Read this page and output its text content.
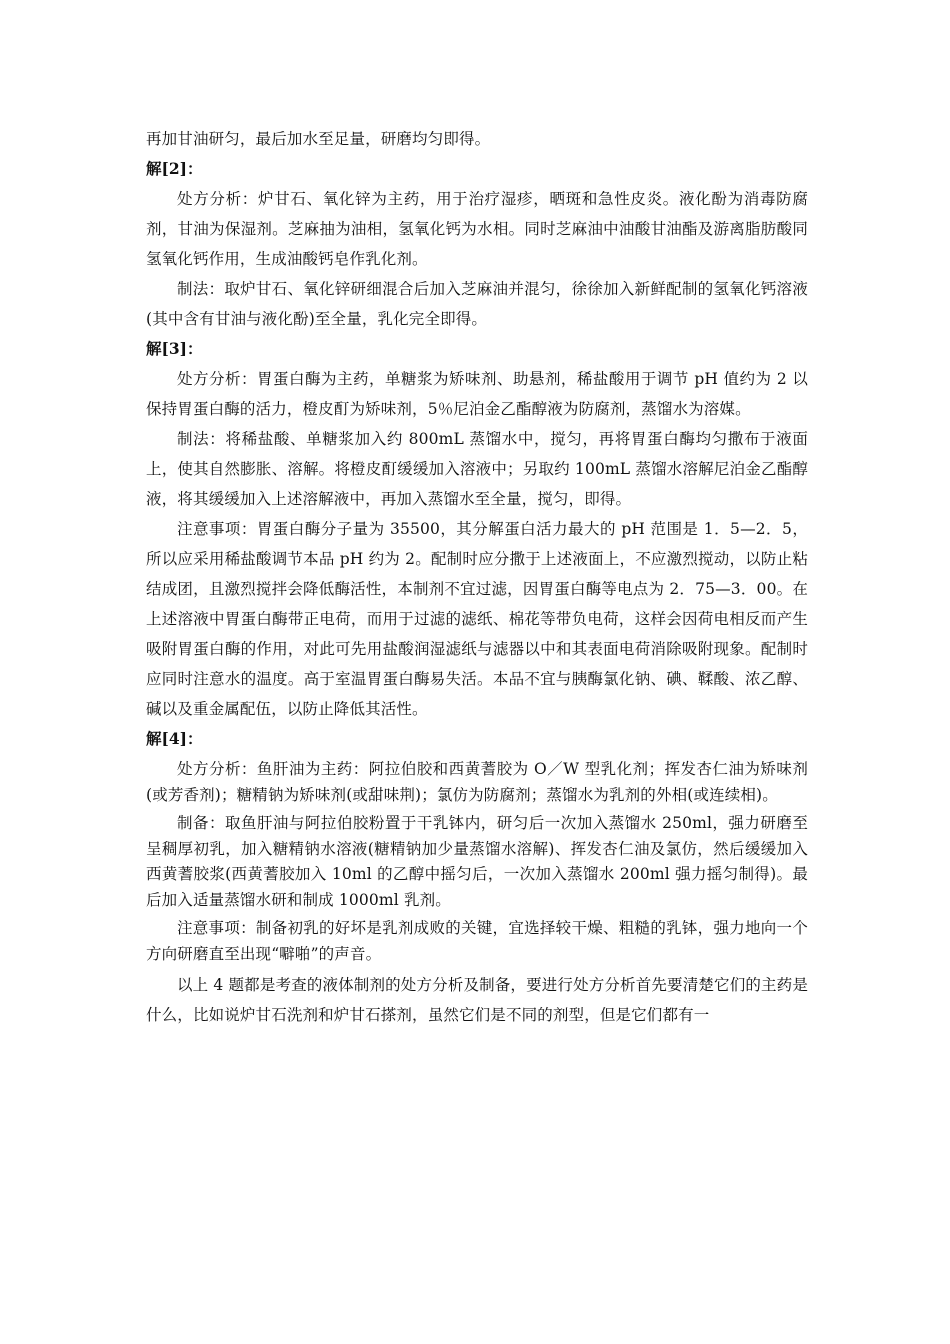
再加甘油研匀，最后加水至足量，研磨均匀即得。

解[2]：

处方分析：炉甘石、氧化锌为主药，用于治疗湿疹，晒斑和急性皮炎。液化酚为消毒防腐剂，甘油为保湿剂。芝麻抽为油相，氢氧化钙为水相。同时芝麻油中油酸甘油酯及游离脂肪酸同氢氧化钙作用，生成油酸钙皂作乳化剂。

制法：取炉甘石、氧化锌研细混合后加入芝麻油并混匀，徐徐加入新鲜配制的氢氧化钙溶液(其中含有甘油与液化酚)至全量，乳化完全即得。

解[3]：

处方分析：胃蛋白酶为主药，单糖浆为矫味剂、助悬剂，稀盐酸用于调节 pH 值约为 2 以保持胃蛋白酶的活力，橙皮酊为矫味剂，5％尼泊金乙酯醇液为防腐剂，蒸馏水为溶媒。

制法：将稀盐酸、单糖浆加入约 800mL 蒸馏水中，搅匀，再将胃蛋白酶均匀撒布于液面上，使其自然膨胀、溶解。将橙皮酊缓缓加入溶液中；另取约 100mL 蒸馏水溶解尼泊金乙酯醇液，将其缓缓加入上述溶解液中，再加入蒸馏水至全量，搅匀，即得。

注意事项：胃蛋白酶分子量为 35500，其分解蛋白活力最大的 pH 范围是 1．5—2．5，所以应采用稀盐酸调节本品 pH 约为 2。配制时应分撒于上述液面上，不应激烈搅动，以防止粘结成团，且激烈搅拌会降低酶活性，本制剂不宜过滤，因胃蛋白酶等电点为 2．75—3．00。在上述溶液中胃蛋白酶带正电荷，而用于过滤的滤纸、棉花等带负电荷，这样会因荷电相反而产生吸附胃蛋白酶的作用，对此可先用盐酸润湿滤纸与滤器以中和其表面电荷消除吸附现象。配制时应同时注意水的温度。高于室温胃蛋白酶易失活。本品不宜与胰酶氯化钠、碘、鞣酸、浓乙醇、碱以及重金属配伍，以防止降低其活性。

解[4]：

处方分析：鱼肝油为主药：阿拉伯胶和西黄蓍胶为 O／W 型乳化剂；挥发杏仁油为矫味剂(或芳香剂)；糖精钠为矫味剂(或甜味荆)；氯仿为防腐剂；蒸馏水为乳剂的外相(或连续相)。

制备：取鱼肝油与阿拉伯胶粉置于干乳钵内，研匀后一次加入蒸馏水 250ml，强力研磨至呈稠厚初乳，加入糖精钠水溶液(糖精钠加少量蒸馏水溶解)、挥发杏仁油及氯仿，然后缓缓加入西黄蓍胶浆(西黄蓍胶加入 10ml 的乙醇中摇匀后，一次加入蒸馏水 200ml 强力摇匀制得)。最后加入适量蒸馏水研和制成 1000ml 乳剂。

注意事项：制备初乳的好坏是乳剂成败的关键，宜选择较干燥、粗糙的乳钵，强力地向一个方向研磨直至出现“噼啪”的声音。

以上 4 题都是考查的液体制剂的处方分析及制备，要进行处方分析首先要清楚它们的主药是什么，比如说炉甘石洗剂和炉甘石搽剂，虽然它们是不同的剂型，但是它们都有一
